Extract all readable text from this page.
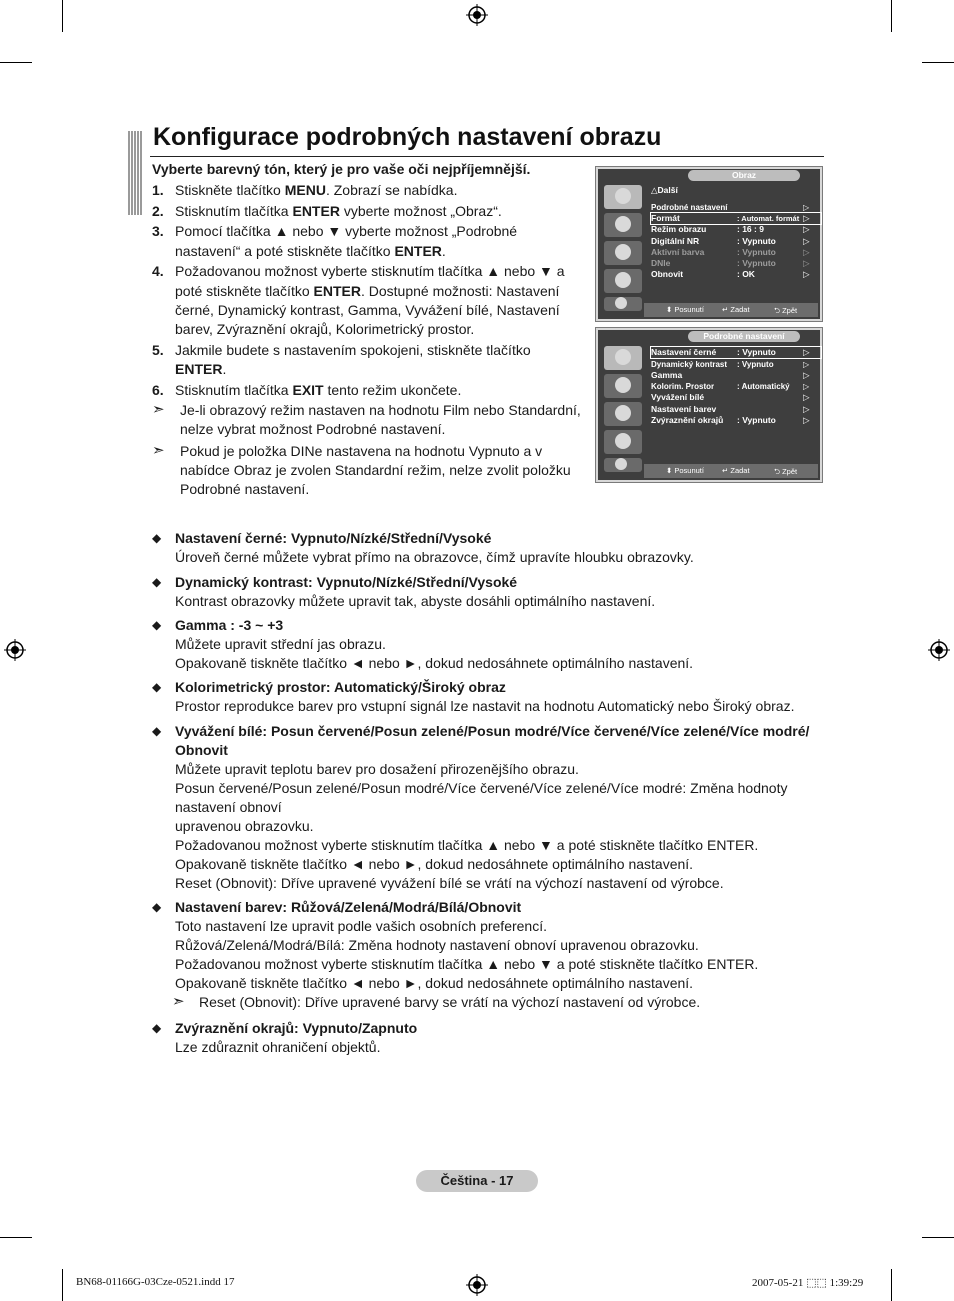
Konfigurace podrobných nastavení obrazu
Vyberte barevný tón, který je pro vaše oči nejpříjemnější.
1. Stiskněte tlačítko MENU. Zobrazí se nabídka.
2. Stisknutím tlačítka ENTER vyberte možnost „Obraz“.
3. Pomocí tlačítka ▲ nebo ▼ vyberte možnost „Podrobné nastavení“ a poté stiskněte tlačítko ENTER.
4. Požadovanou možnost vyberte stisknutím tlačítka ▲ nebo ▼ a poté stiskněte tlačítko ENTER. Dostupné možnosti: Nastavení černé, Dynamický kontrast, Gamma, Vyvážení bílé, Nastavení barev, Zvýraznění okrajů, Kolorimetrický prostor.
5. Jakmile budete s nastavením spokojeni, stiskněte tlačítko ENTER.
6. Stisknutím tlačítka EXIT tento režim ukončete.
➣	Je-li obrazový režim nastaven na hodnotu Film nebo Standardní, nelze vybrat možnost Podrobné nastavení.
➣	Pokud je položka DINe nastavena na hodnotu Vypnuto a v nabídce Obraz je zvolen Standardní režim, nelze zvolit položku Podrobné nastavení.
Obraz
△Další
Podrobné nastavení	▷
Formát	: Automat. formát ▷
Režim obrazu	: 16 : 9	▷
Digitální NR	: Vypnuto	▷
Aktivní barva	: Vypnuto	▷
DNIe	: Vypnuto	▷
Obnovit	: OK	▷
⬍ Posunutí ↵ Zadat	⮌ Zpět
Podrobné nastavení
Nastavení černé : Vypnuto	▷
Dynamický kontrast : Vypnuto	▷
Gamma	▷
Kolorim. Prostor	: Automatický ▷
Vyvážení bílé	▷
Nastavení barev	▷
Zvýraznění okrajů : Vypnuto	▷
⬍ Posunutí ↵ Zadat	⮌ Zpět
◆ Nastavení černé: Vypnuto/Nízké/Střední/Vysoké
Úroveň černé můžete vybrat přímo na obrazovce, čímž upravíte hloubku obrazovky.
◆ Dynamický kontrast: Vypnuto/Nízké/Střední/Vysoké
Kontrast obrazovky můžete upravit tak, abyste dosáhli optimálního nastavení.
◆ Gamma : -3 ~ +3
Můžete upravit střední jas obrazu.
Opakovaně tiskněte tlačítko ◄ nebo ►, dokud nedosáhnete optimálního nastavení.
◆ Kolorimetrický prostor: Automatický/Široký obraz
Prostor reprodukce barev pro vstupní signál lze nastavit na hodnotu Automatický nebo Široký obraz.
◆ Vyvážení bílé: Posun červené/Posun zelené/Posun modré/Více červené/Více zelené/Více modré/ Obnovit
Můžete upravit teplotu barev pro dosažení přirozenějšího obrazu.
Posun červené/Posun zelené/Posun modré/Více červené/Více zelené/Více modré: Změna hodnoty nastavení obnoví
upravenou obrazovku.
Požadovanou možnost vyberte stisknutím tlačítka ▲ nebo ▼ a poté stiskněte tlačítko ENTER.
Opakovaně tiskněte tlačítko ◄ nebo ►, dokud nedosáhnete optimálního nastavení.
Reset (Obnovit): Dříve upravené vyvážení bílé se vrátí na výchozí nastavení od výrobce.
◆ Nastavení barev: Růžová/Zelená/Modrá/Bílá/Obnovit
Toto nastavení lze upravit podle vašich osobních preferencí.
Růžová/Zelená/Modrá/Bílá: Změna hodnoty nastavení obnoví upravenou obrazovku.
Požadovanou možnost vyberte stisknutím tlačítka ▲ nebo ▼ a poté stiskněte tlačítko ENTER.
Opakovaně tiskněte tlačítko ◄ nebo ►, dokud nedosáhnete optimálního nastavení.
➣	Reset (Obnovit): Dříve upravené barvy se vrátí na výchozí nastavení od výrobce.
◆ Zvýraznění okrajů: Vypnuto/Zapnuto
Lze zdůraznit ohraničení objektů.
Čeština - 17
BN68-01166G-03Cze-0521.indd 17	2007-05-21 ⬚⬚ 1:39:29
